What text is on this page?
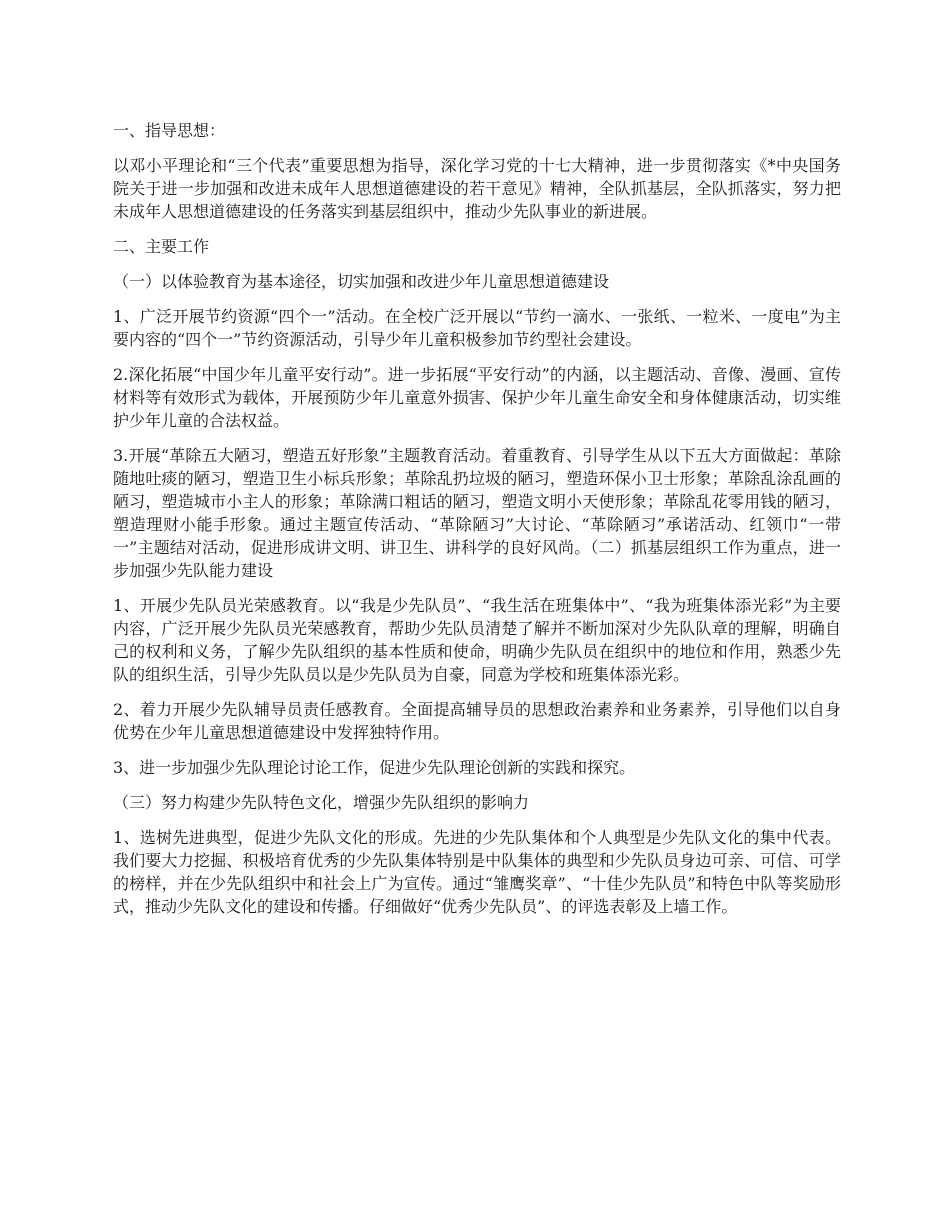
一、指导思想：

以邓小平理论和“三个代表”重要思想为指导，深化学习党的十七大精神，进一步贯彻落实《*中央国务院关于进一步加强和改进未成年人思想道德建设的若干意见》精神，全队抓基层，全队抓落实，努力把未成年人思想道德建设的任务落实到基层组织中，推动少先队事业的新进展。

二、主要工作

（一）以体验教育为基本途径，切实加强和改进少年儿童思想道德建设

1、广泛开展节约资源“四个一”活动。在全校广泛开展以“节约一滴水、一张纸、一粒米、一度电”为主要内容的“四个一”节约资源活动，引导少年儿童积极参加节约型社会建设。

2.深化拓展“中国少年儿童平安行动”。进一步拓展“平安行动”的内涵，以主题活动、音像、漫画、宣传材料等有效形式为载体，开展预防少年儿童意外损害、保护少年儿童生命安全和身体健康活动，切实维护少年儿童的合法权益。

3.开展“革除五大陋习，塑造五好形象”主题教育活动。着重教育、引导学生从以下五大方面做起：革除随地吐痰的陋习，塑造卫生小标兵形象；革除乱扔垃圾的陋习，塑造环保小卫士形象；革除乱涂乱画的陋习，塑造城市小主人的形象；革除满口粗话的陋习，塑造文明小天使形象；革除乱花零用钱的陋习，塑造理财小能手形象。通过主题宣传活动、“革除陋习”大讨论、“革除陋习”承诺活动、红领巾“一带一”主题结对活动，促进形成讲文明、讲卫生、讲科学的良好风尚。（二）抓基层组织工作为重点，进一步加强少先队能力建设

1、开展少先队员光荣感教育。以“我是少先队员”、“我生活在班集体中”、“我为班集体添光彩”为主要内容，广泛开展少先队员光荣感教育，帮助少先队员清楚了解并不断加深对少先队队章的理解，明确自己的权利和义务，了解少先队组织的基本性质和使命，明确少先队员在组织中的地位和作用，熟悉少先队的组织生活，引导少先队员以是少先队员为自豪，同意为学校和班集体添光彩。

2、着力开展少先队辅导员责任感教育。全面提高辅导员的思想政治素养和业务素养，引导他们以自身优势在少年儿童思想道德建设中发挥独特作用。

3、进一步加强少先队理论讨论工作，促进少先队理论创新的实践和探究。

（三）努力构建少先队特色文化，增强少先队组织的影响力

1、选树先进典型，促进少先队文化的形成。先进的少先队集体和个人典型是少先队文化的集中代表。我们要大力挖掘、积极培育优秀的少先队集体特别是中队集体的典型和少先队员身边可亲、可信、可学的榜样，并在少先队组织中和社会上广为宣传。通过“雏鹰奖章”、“十佳少先队员”和特色中队等奖励形式，推动少先队文化的建设和传播。仔细做好“优秀少先队员”、的评选表彰及上墙工作。
